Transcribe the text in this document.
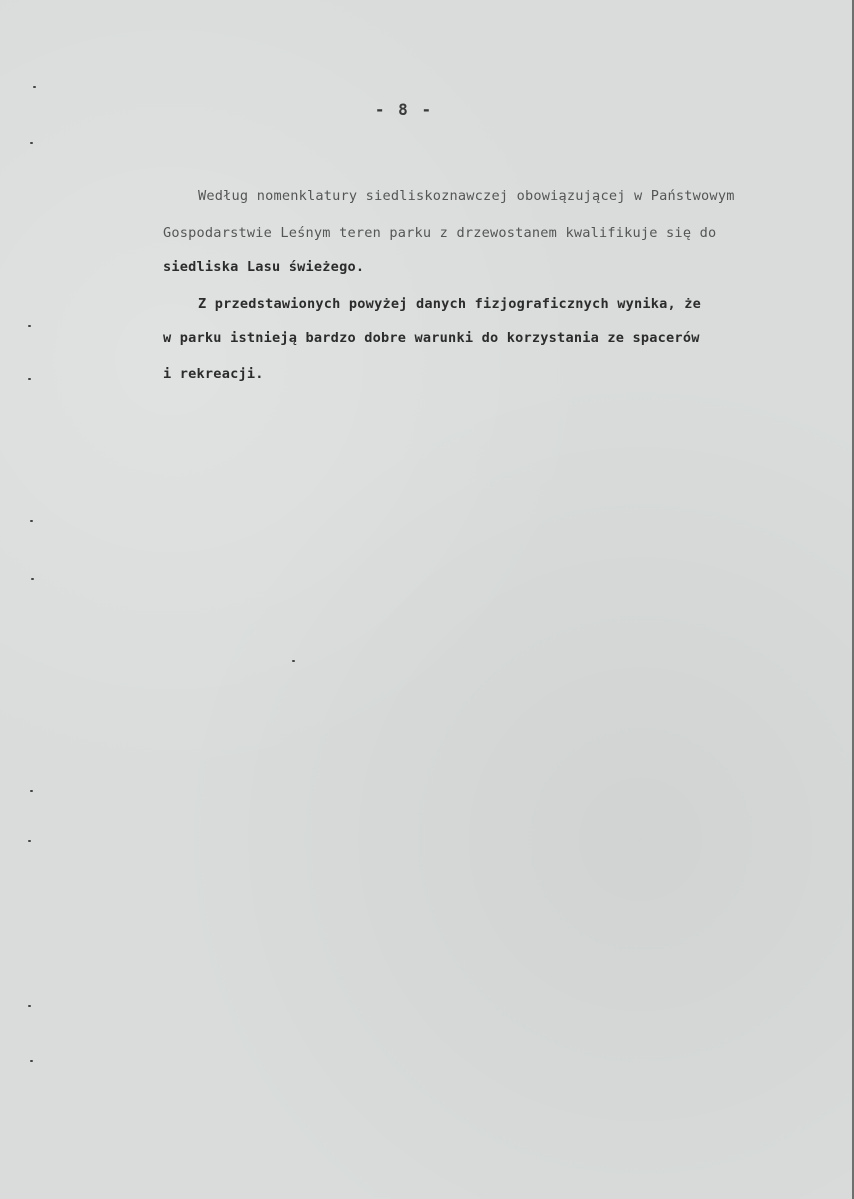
- 8 -
Według nomenklatury siedliskoznawczej obowiązującej w Państwowym
Gospodarstwie Leśnym teren parku z drzewostanem kwalifikuje się do
siedliska Lasu świeżego.
Z przedstawionych powyżej danych fizjograficznych wynika, że
w parku istnieją bardzo dobre warunki do korzystania ze spacerów
i rekreacji.
